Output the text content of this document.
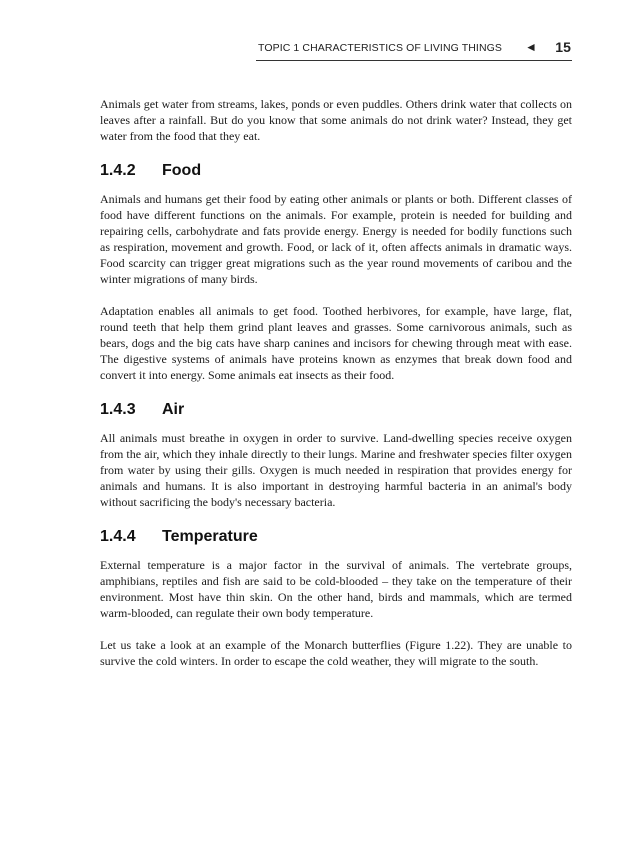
TOPIC 1 CHARACTERISTICS OF LIVING THINGS ◄ 15

Animals get water from streams, lakes, ponds or even puddles. Others drink water that collects on leaves after a rainfall. But do you know that some animals do not drink water? Instead, they get water from the food that they eat.

1.4.2 Food

Animals and humans get their food by eating other animals or plants or both. Different classes of food have different functions on the animals. For example, protein is needed for building and repairing cells, carbohydrate and fats provide energy. Energy is needed for bodily functions such as respiration, movement and growth. Food, or lack of it, often affects animals in dramatic ways. Food scarcity can trigger great migrations such as the year round movements of caribou and the winter migrations of many birds.

Adaptation enables all animals to get food. Toothed herbivores, for example, have large, flat, round teeth that help them grind plant leaves and grasses. Some carnivorous animals, such as bears, dogs and the big cats have sharp canines and incisors for chewing through meat with ease. The digestive systems of animals have proteins known as enzymes that break down food and convert it into energy. Some animals eat insects as their food.

1.4.3 Air

All animals must breathe in oxygen in order to survive. Land-dwelling species receive oxygen from the air, which they inhale directly to their lungs. Marine and freshwater species filter oxygen from water by using their gills. Oxygen is much needed in respiration that provides energy for animals and humans. It is also important in destroying harmful bacteria in an animal's body without sacrificing the body's necessary bacteria.

1.4.4 Temperature

External temperature is a major factor in the survival of animals. The vertebrate groups, amphibians, reptiles and fish are said to be cold-blooded – they take on the temperature of their environment. Most have thin skin. On the other hand, birds and mammals, which are termed warm-blooded, can regulate their own body temperature.

Let us take a look at an example of the Monarch butterflies (Figure 1.22). They are unable to survive the cold winters. In order to escape the cold weather, they will migrate to the south.
